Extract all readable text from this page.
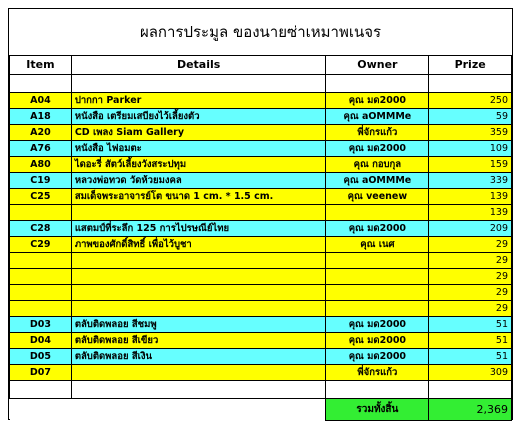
ผลการประมูล ของนายซ่าเหมาพเนจร
Item	Details	Owner	Prize

A04	ปากกา Parker	คุณ มด2000	250
A18	หนังสือ เตรียมเสบียงไว้เลี้ยงตัว	คุณ aOMMMe	59
A20	CD เพลง Siam Gallery	พี่จักรแก้ว	359
A76	หนังสือ ไฟอมตะ	คุณ มด2000	109
A80	ไดอะรี่ สัตว์เลี้ยงวังสระปทุม	คุณ กอบกุล	159
C19	หลวงพ่อทวด วัดห้วยมงคล	คุณ aOMMMe	339
C25	สมเด็จพระอาจารย์โต ขนาด 1 cm. * 1.5 cm.	คุณ veenew	139
			139
C28	แสตมป์ที่ระลึก 125 การไปรษณีย์ไทย	คุณ มด2000	209
C29	ภาพของศักดิ์สิทธิ์ เพื่อไว้บูชา	คุณ เนศ	29
			29
			29
			29
			29
D03	ตลับติดพลอย สีชมพู	คุณ มด2000	51
D04	ตลับติดพลอย สีเขียว	คุณ มด2000	51
D05	ตลับติดพลอย สีเงิน	คุณ มด2000	51
D07		พี่จักรแก้ว	309

		รวมทั้งสิ้น	2,369
